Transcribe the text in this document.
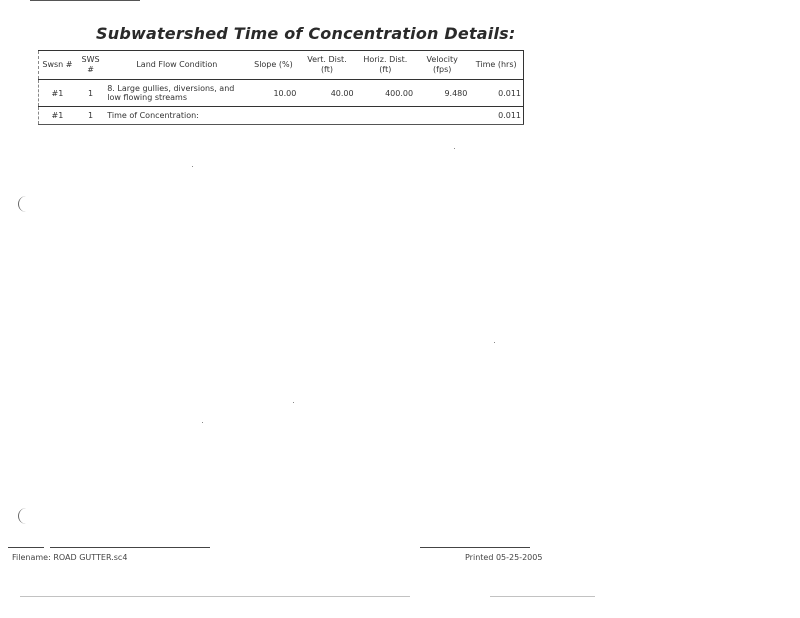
Subwatershed Time of Concentration Details:
Swsn #	SWS #	Land Flow Condition	Slope (%)	Vert. Dist. (ft)	Horiz. Dist. (ft)	Velocity (fps)	Time (hrs)
#1	1	8. Large gullies, diversions, and low flowing streams	10.00	40.00	400.00	9.480	0.011
#1	1	Time of Concentration:					0.011
Filename: ROAD GUTTER.sc4	Printed 05-25-2005
